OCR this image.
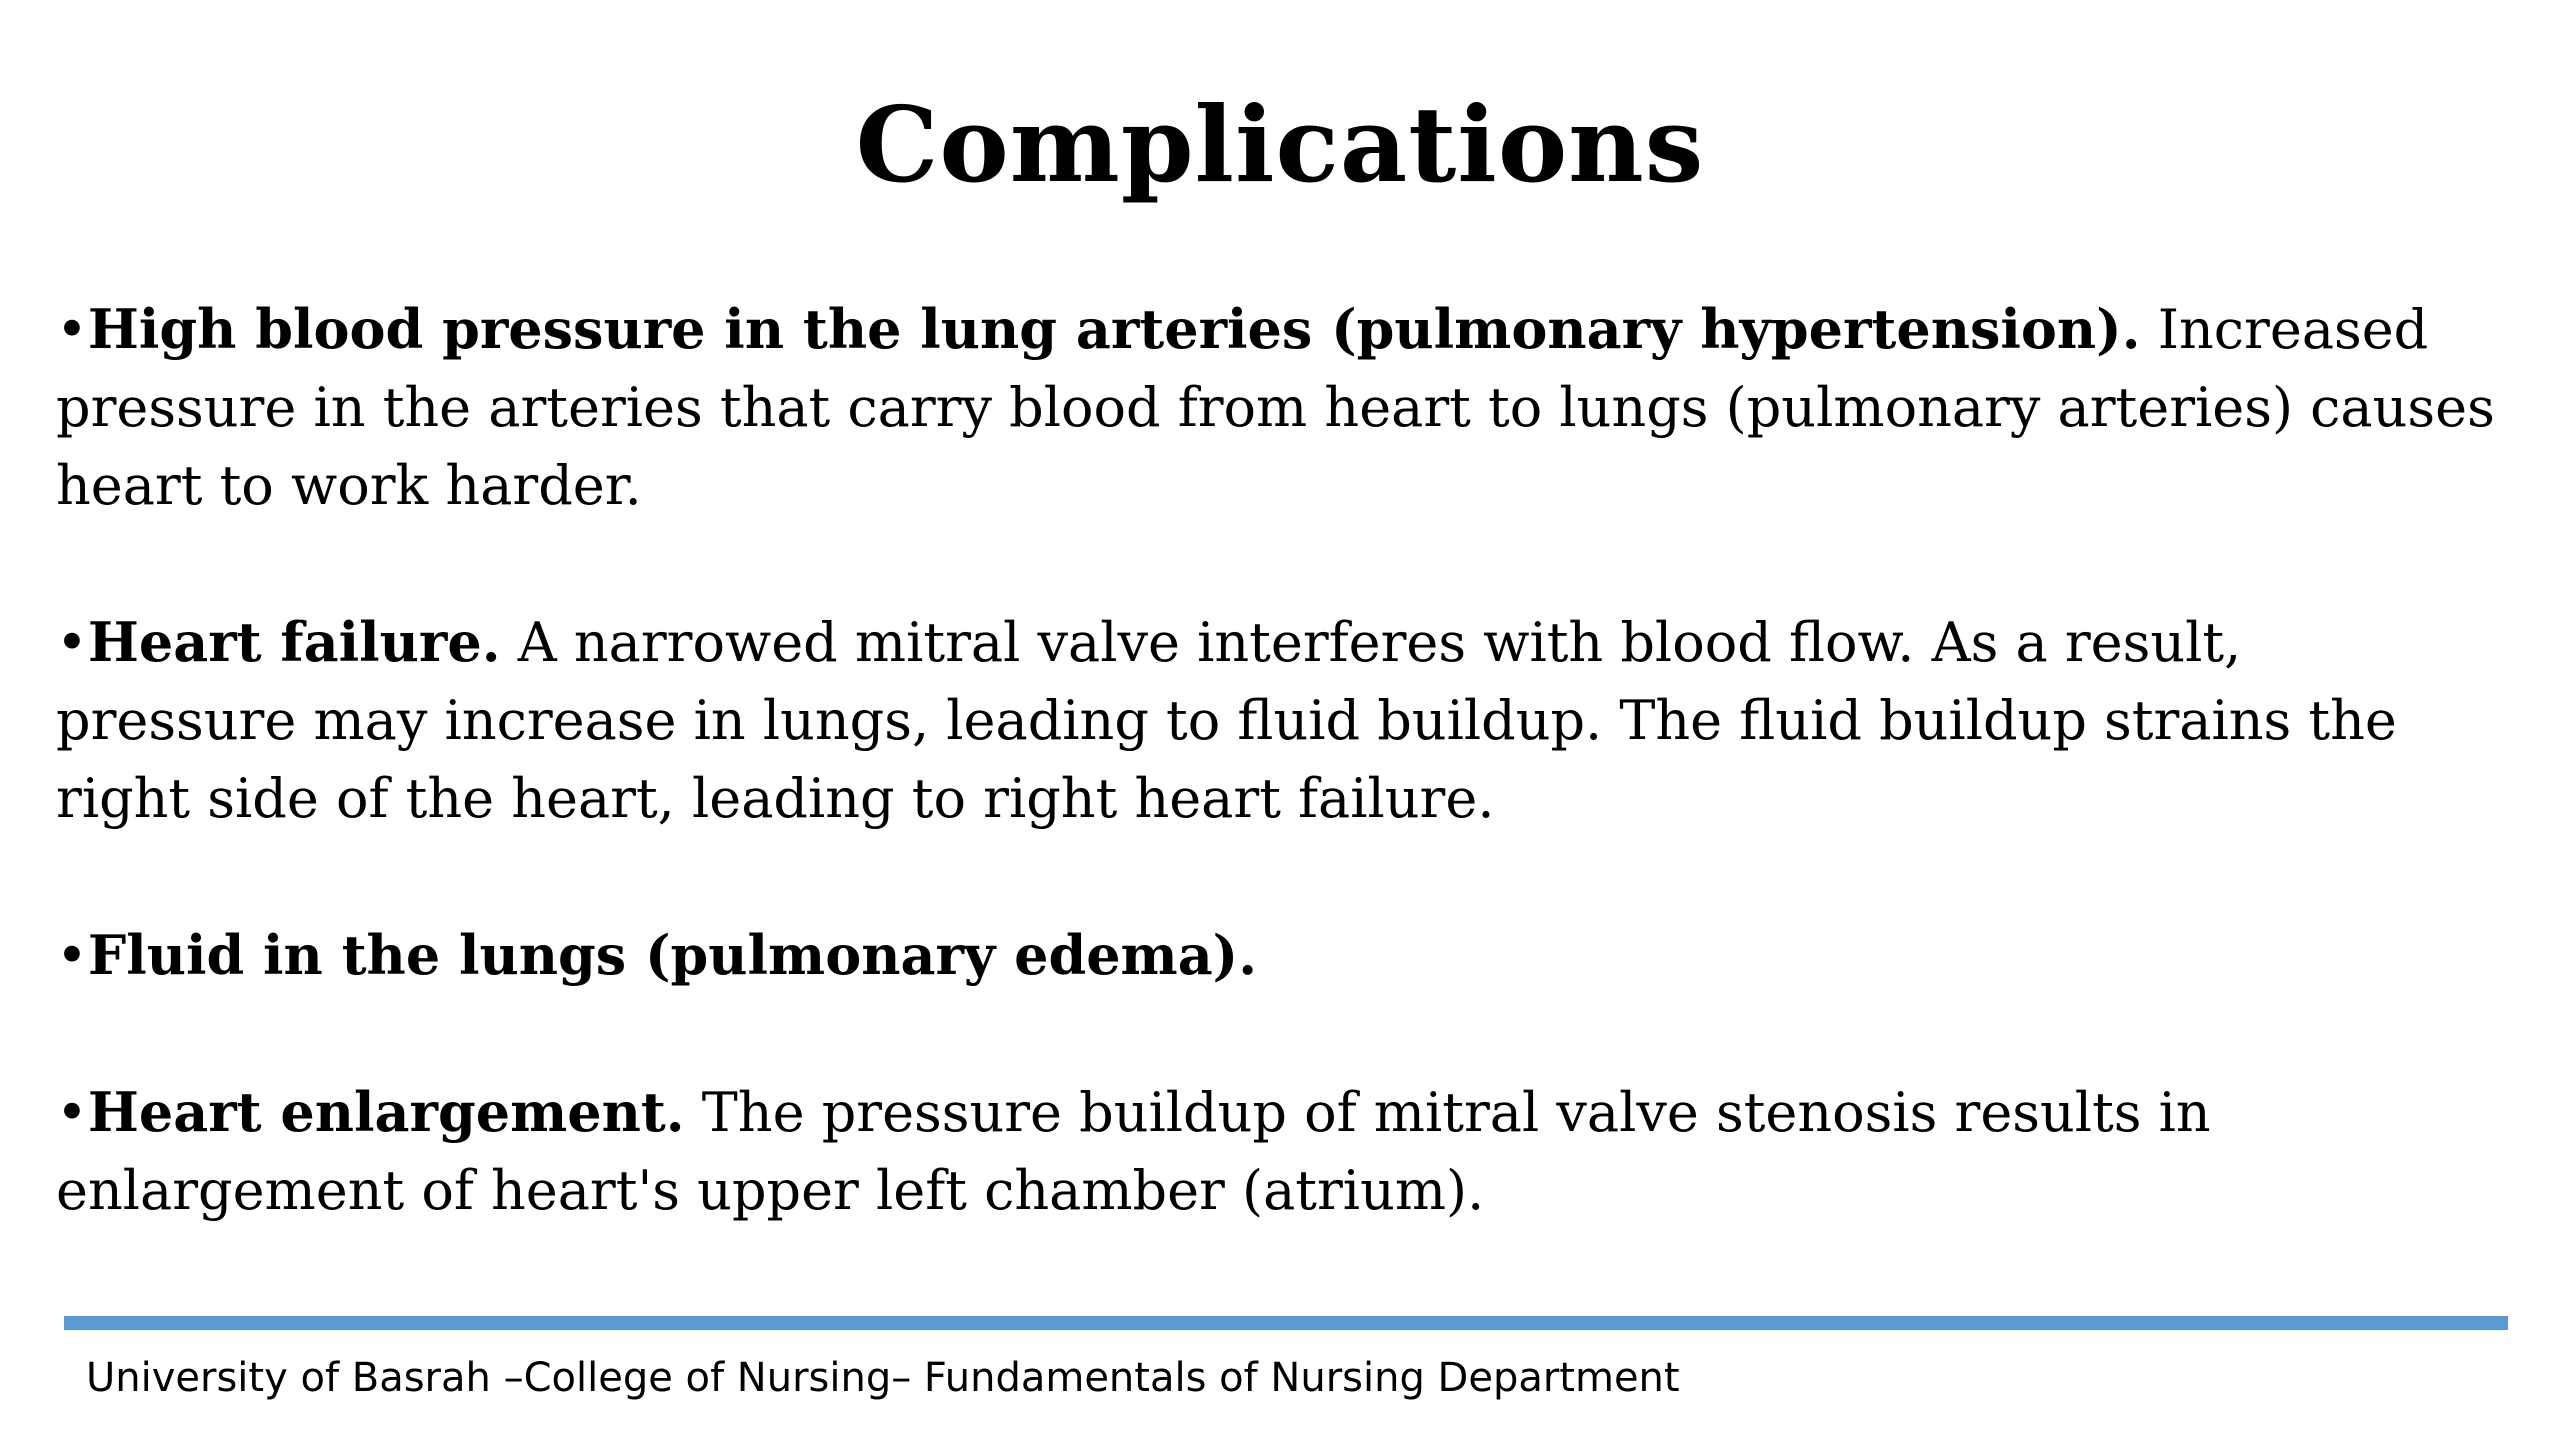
Complications

•High blood pressure in the lung arteries (pulmonary hypertension). Increased pressure in the arteries that carry blood from heart to lungs (pulmonary arteries) causes heart to work harder.

•Heart failure. A narrowed mitral valve interferes with blood flow. As a result, pressure may increase in lungs, leading to fluid buildup. The fluid buildup strains the right side of the heart, leading to right heart failure.

•Fluid in the lungs (pulmonary edema).

•Heart enlargement. The pressure buildup of mitral valve stenosis results in enlargement of heart's upper left chamber (atrium).

University of Basrah –College of Nursing– Fundamentals of Nursing Department
